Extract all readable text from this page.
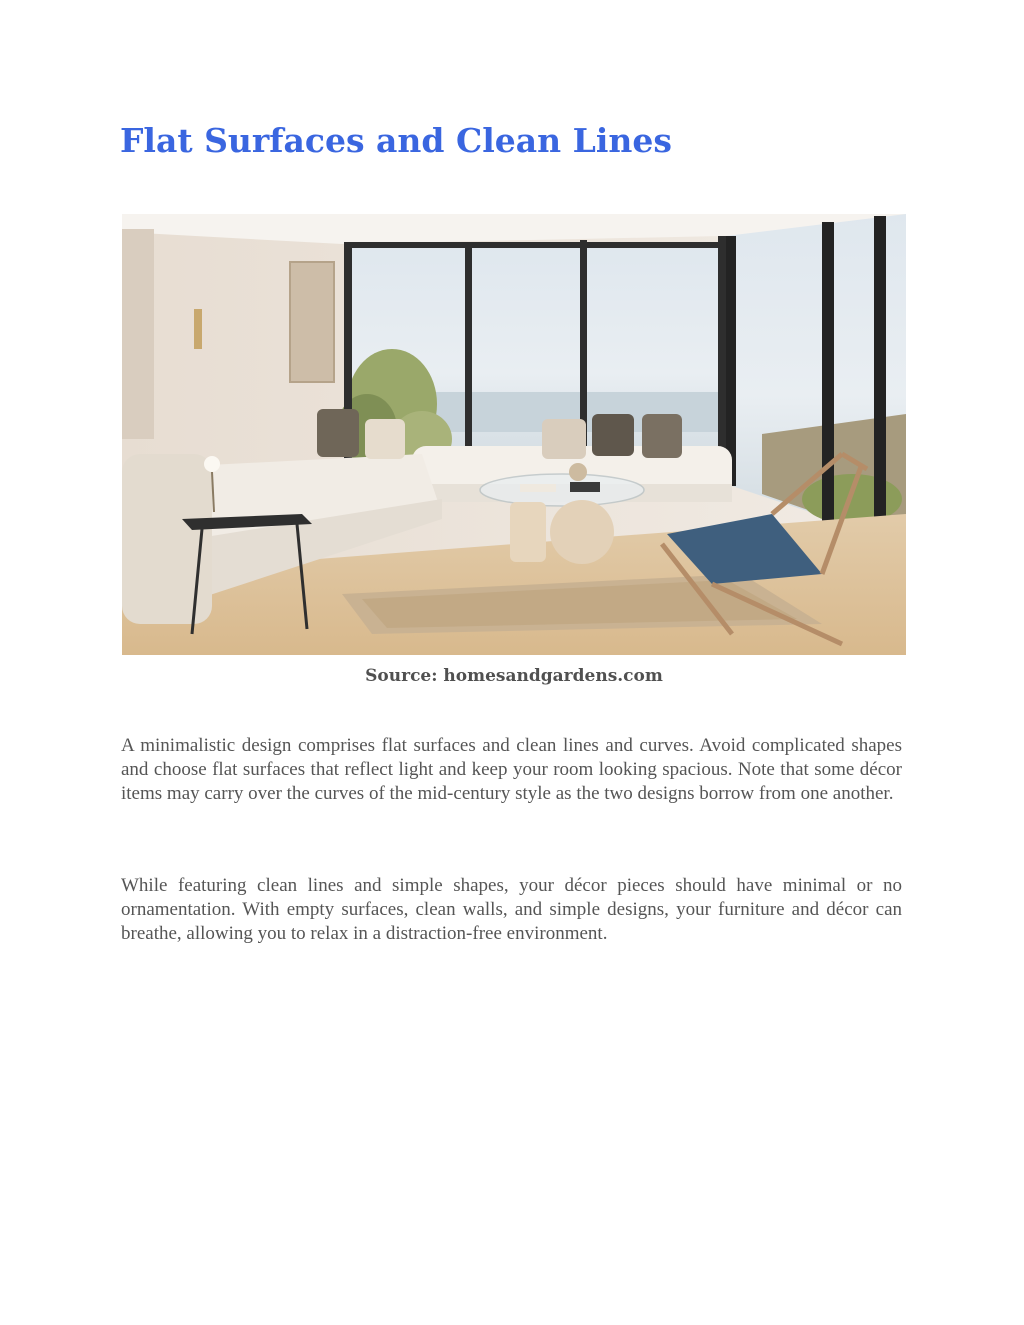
Flat Surfaces and Clean Lines
Source: homesandgardens.com

A minimalistic design comprises flat surfaces and clean lines and curves. Avoid complicated shapes and choose flat surfaces that reflect light and keep your room looking spacious. Note that some décor items may carry over the curves of the mid-century style as the two designs borrow from one another.

While featuring clean lines and simple shapes, your décor pieces should have minimal or no ornamentation. With empty surfaces, clean walls, and simple designs, your furniture and décor can breathe, allowing you to relax in a distraction-free environment.
